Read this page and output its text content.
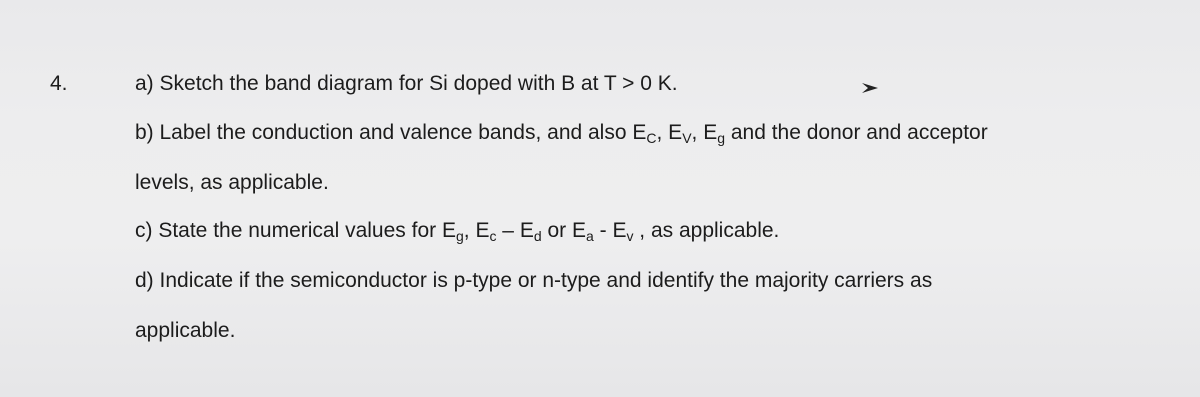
4.	a) Sketch the band diagram for Si doped with B at T > 0 K.
b) Label the conduction and valence bands, and also EC, EV, Eg and the donor and acceptor
levels, as applicable.
c) State the numerical values for Eg, Ec – Ed or Ea - Ev , as applicable.
d) Indicate if the semiconductor is p-type or n-type and identify the majority carriers as
applicable.
